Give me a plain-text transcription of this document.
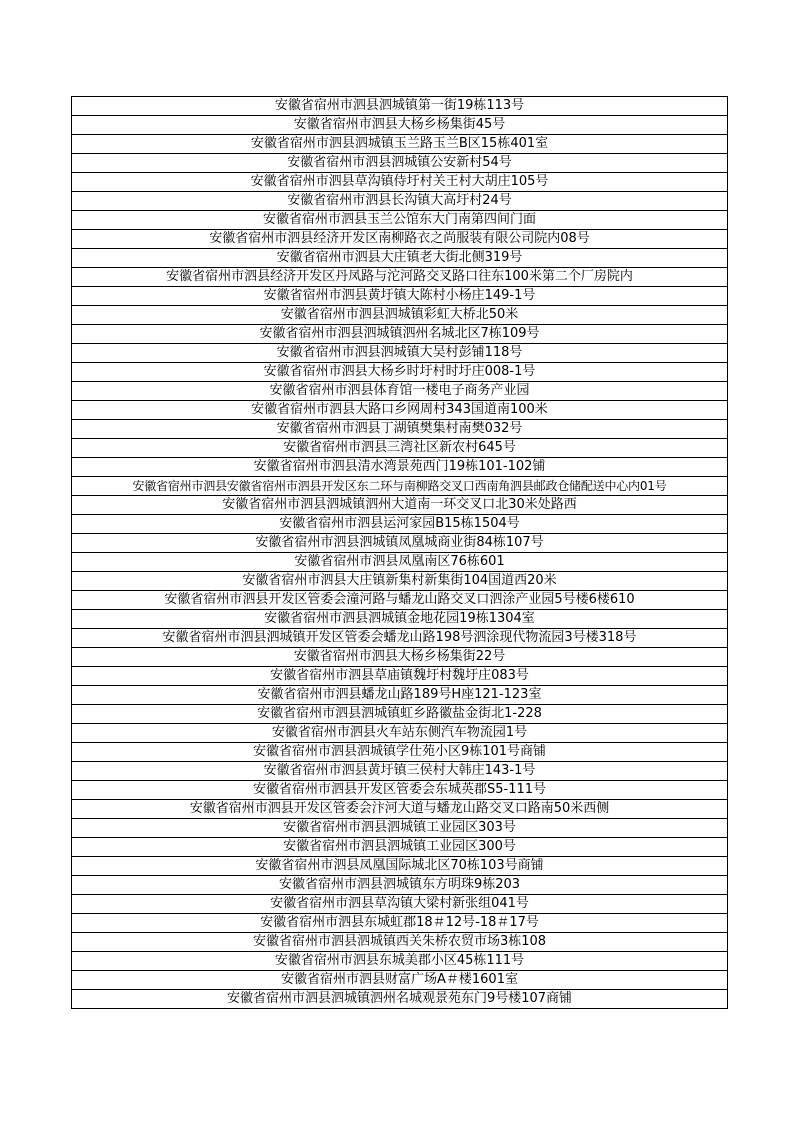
安徽省宿州市泗县泗城镇第一街19栋113号
安徽省宿州市泗县大杨乡杨集街45号
安徽省宿州市泗县泗城镇玉兰路玉兰B区15栋401室
安徽省宿州市泗县泗城镇公安新村54号
安徽省宿州市泗县草沟镇侍圩村关王村大胡庄105号
安徽省宿州市泗县长沟镇大高圩村24号
安徽省宿州市泗县玉兰公馆东大门南第四间门面
安徽省宿州市泗县经济开发区南柳路衣之尚服装有限公司院内08号
安徽省宿州市泗县大庄镇老大街北侧319号
安徽省宿州市泗县经济开发区丹凤路与沱河路交叉路口往东100米第二个厂房院内
安徽省宿州市泗县黄圩镇大陈村小杨庄149-1号
安徽省宿州市泗县泗城镇彩虹大桥北50米
安徽省宿州市泗县泗城镇泗州名城北区7栋109号
安徽省宿州市泗县泗城镇大吴村彭铺118号
安徽省宿州市泗县大杨乡时圩村时圩庄008-1号
安徽省宿州市泗县体育馆一楼电子商务产业园
安徽省宿州市泗县大路口乡网周村343国道南100米
安徽省宿州市泗县丁湖镇樊集村南樊032号
安徽省宿州市泗县三湾社区新农村645号
安徽省宿州市泗县清水湾景苑西门19栋101-102铺
安徽省宿州市泗县安徽省宿州市泗县开发区东二环与南柳路交叉口西南角泗县邮政仓储配送中心内01号
安徽省宿州市泗县泗城镇泗州大道南一环交叉口北30米处路西
安徽省宿州市泗县运河家园B15栋1504号
安徽省宿州市泗县泗城镇凤凰城商业街84栋107号
安徽省宿州市泗县凤凰南区76栋601
安徽省宿州市泗县大庄镇新集村新集街104国道西20米
安徽省宿州市泗县开发区管委会潼河路与蟠龙山路交叉口泗涂产业园5号楼6楼610
安徽省宿州市泗县泗城镇金地花园19栋1304室
安徽省宿州市泗县泗城镇开发区管委会蟠龙山路198号泗涂现代物流园3号楼318号
安徽省宿州市泗县大杨乡杨集街22号
安徽省宿州市泗县草庙镇魏圩村魏圩庄083号
安徽省宿州市泗县蟠龙山路189号H座121-123室
安徽省宿州市泗县泗城镇虹乡路徽盐金街北1-228
安徽省宿州市泗县火车站东侧汽车物流园1号
安徽省宿州市泗县泗城镇学仕苑小区9栋101号商铺
安徽省宿州市泗县黄圩镇三侯村大韩庄143-1号
安徽省宿州市泗县开发区管委会东城英郡S5-111号
安徽省宿州市泗县开发区管委会汴河大道与蟠龙山路交叉口路南50米西侧
安徽省宿州市泗县泗城镇工业园区303号
安徽省宿州市泗县泗城镇工业园区300号
安徽省宿州市泗县凤凰国际城北区70栋103号商铺
安徽省宿州市泗县泗城镇东方明珠9栋203
安徽省宿州市泗县草沟镇大梁村新张组041号
安徽省宿州市泗县东城虹郡18＃12号-18＃17号
安徽省宿州市泗县泗城镇西关朱桥农贸市场3栋108
安徽省宿州市泗县东城美郡小区45栋111号
安徽省宿州市泗县财富广场A＃楼1601室
安徽省宿州市泗县泗城镇泗州名城观景苑东门9号楼107商铺
